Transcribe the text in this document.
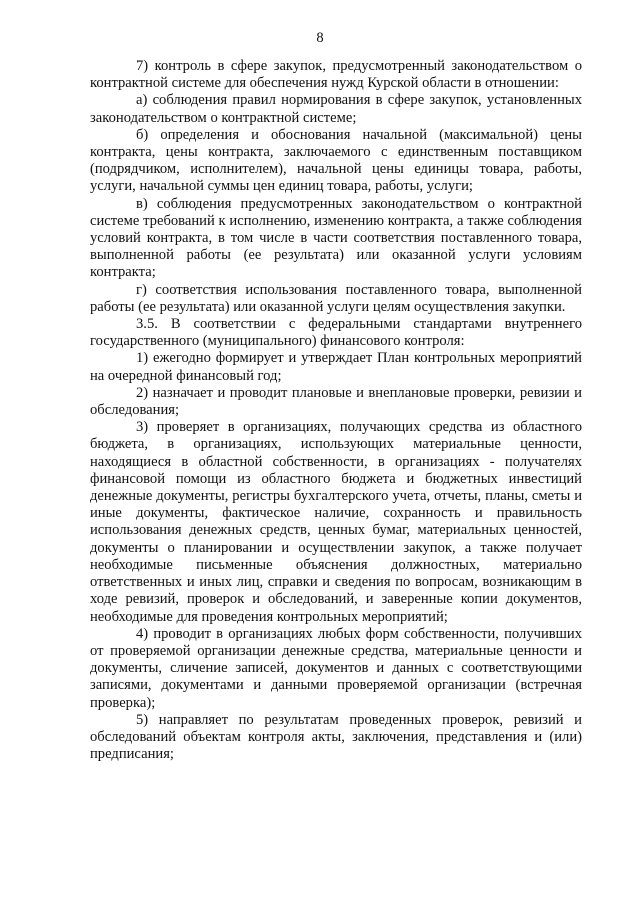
8

7) контроль в сфере закупок, предусмотренный законодательством о контрактной системе для обеспечения нужд Курской области в отношении:

а) соблюдения правил нормирования в сфере закупок, установленных законодательством о контрактной системе;

б) определения и обоснования начальной (максимальной) цены контракта, цены контракта, заключаемого с единственным поставщиком (подрядчиком, исполнителем), начальной цены единицы товара, работы, услуги, начальной суммы цен единиц товара, работы, услуги;

в) соблюдения предусмотренных законодательством о контрактной системе требований к исполнению, изменению контракта, а также соблюдения условий контракта, в том числе в части соответствия поставленного товара, выполненной работы (ее результата) или оказанной услуги условиям контракта;

г) соответствия использования поставленного товара, выполненной работы (ее результата) или оказанной услуги целям осуществления закупки.

3.5. В соответствии с федеральными стандартами внутреннего государственного (муниципального) финансового контроля:

1) ежегодно формирует и утверждает План контрольных мероприятий на очередной финансовый год;

2) назначает и проводит плановые и внеплановые проверки, ревизии и обследования;

3) проверяет в организациях, получающих средства из областного бюджета, в организациях, использующих материальные ценности, находящиеся в областной собственности, в организациях - получателях финансовой помощи из областного бюджета и бюджетных инвестиций денежные документы, регистры бухгалтерского учета, отчеты, планы, сметы и иные документы, фактическое наличие, сохранность и правильность использования денежных средств, ценных бумаг, материальных ценностей, документы о планировании и осуществлении закупок, а также получает необходимые письменные объяснения должностных, материально ответственных и иных лиц, справки и сведения по вопросам, возникающим в ходе ревизий, проверок и обследований, и заверенные копии документов, необходимые для проведения контрольных мероприятий;

4) проводит в организациях любых форм собственности, получивших от проверяемой организации денежные средства, материальные ценности и документы, сличение записей, документов и данных с соответствующими записями, документами и данными проверяемой организации (встречная проверка);

5) направляет по результатам проведенных проверок, ревизий и обследований объектам контроля акты, заключения, представления и (или) предписания;
